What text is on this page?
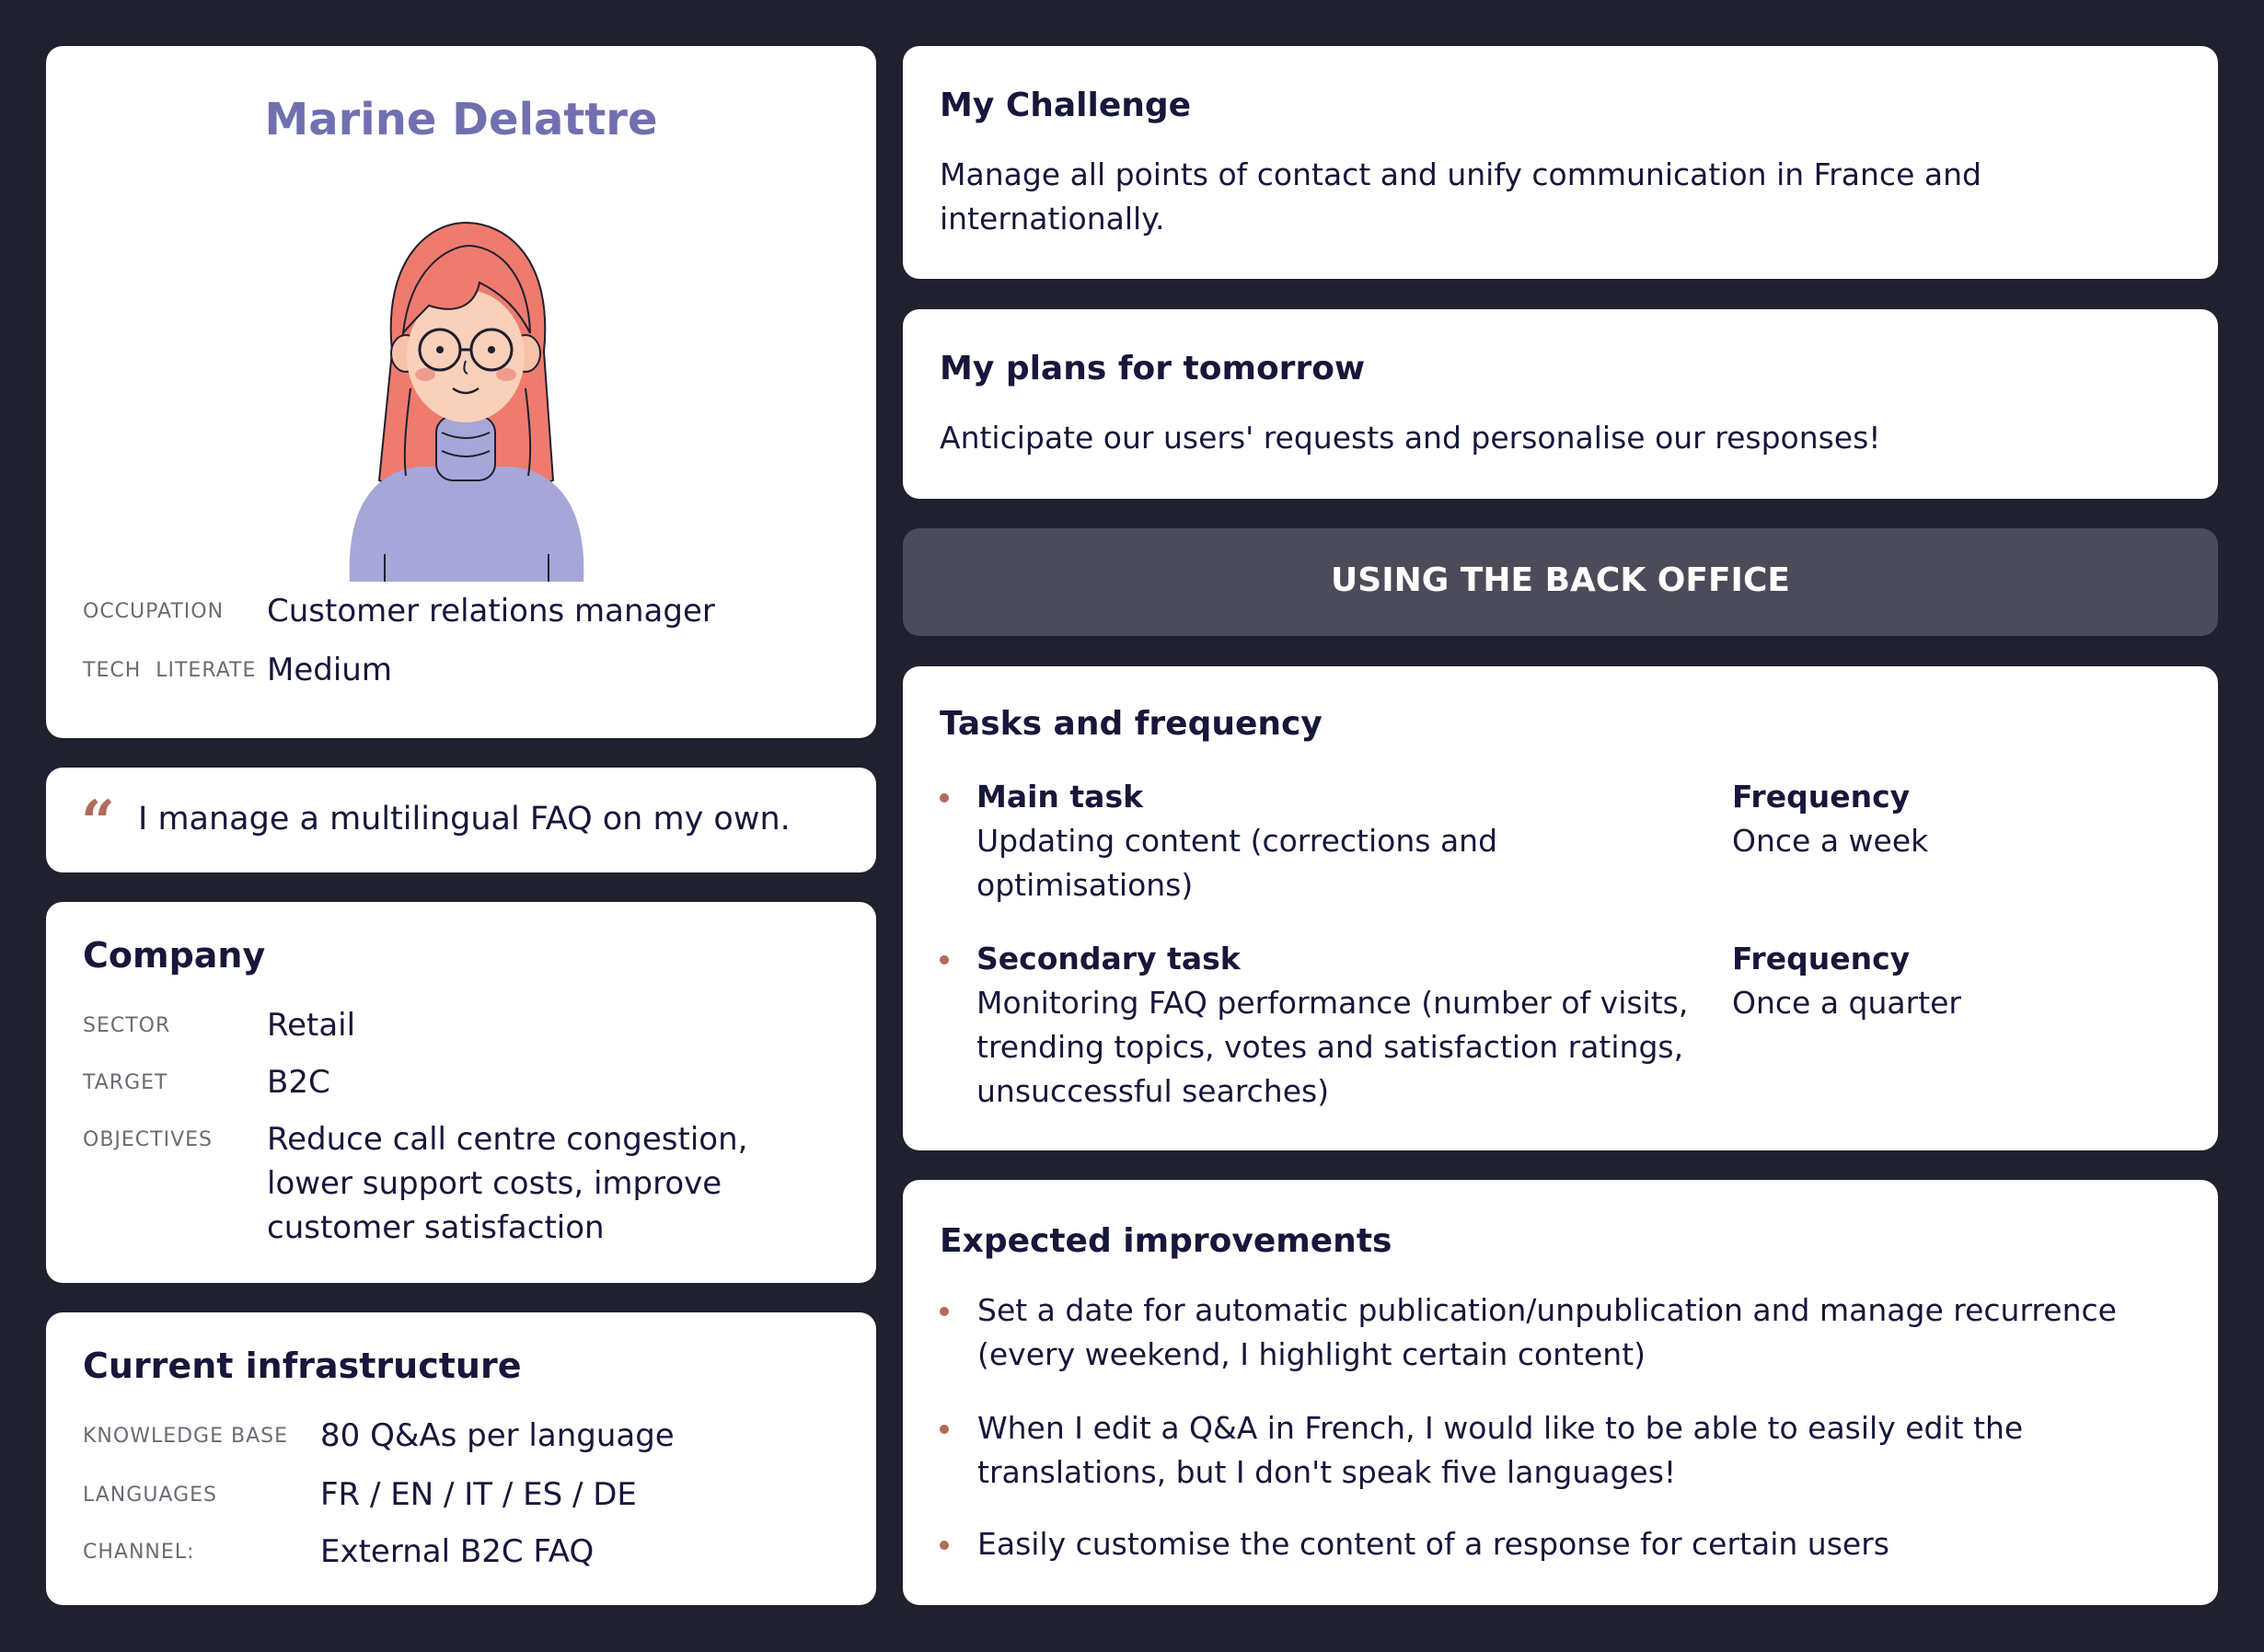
Marine Delattre
OCCUPATION Customer relations manager
TECH  LITERATE Medium
“ I manage a multilingual FAQ on my own.
Company
SECTOR	Retail
TARGET	B2C
OBJECTIVES Reduce call centre congestion, lower support costs, improve customer satisfaction
Current infrastructure
KNOWLEDGE BASE 80 Q&As per language
LANGUAGES	FR / EN / IT / ES / DE
CHANNEL:	External B2C FAQ
My Challenge
Manage all points of contact and unify communication in France and internationally.
My plans for tomorrow
Anticipate our users' requests and personalise our responses!
USING THE BACK OFFICE
Tasks and frequency
Main task
Updating content (corrections and optimisations)
Frequency
Once a week
Secondary task
Monitoring FAQ performance (number of visits, trending topics, votes and satisfaction ratings, unsuccessful searches)
Frequency
Once a quarter
Expected improvements
Set a date for automatic publication/unpublication and manage recurrence (every weekend, I highlight certain content)
When I edit a Q&A in French, I would like to be able to easily edit the translations, but I don't speak five languages!
Easily customise the content of a response for certain users
